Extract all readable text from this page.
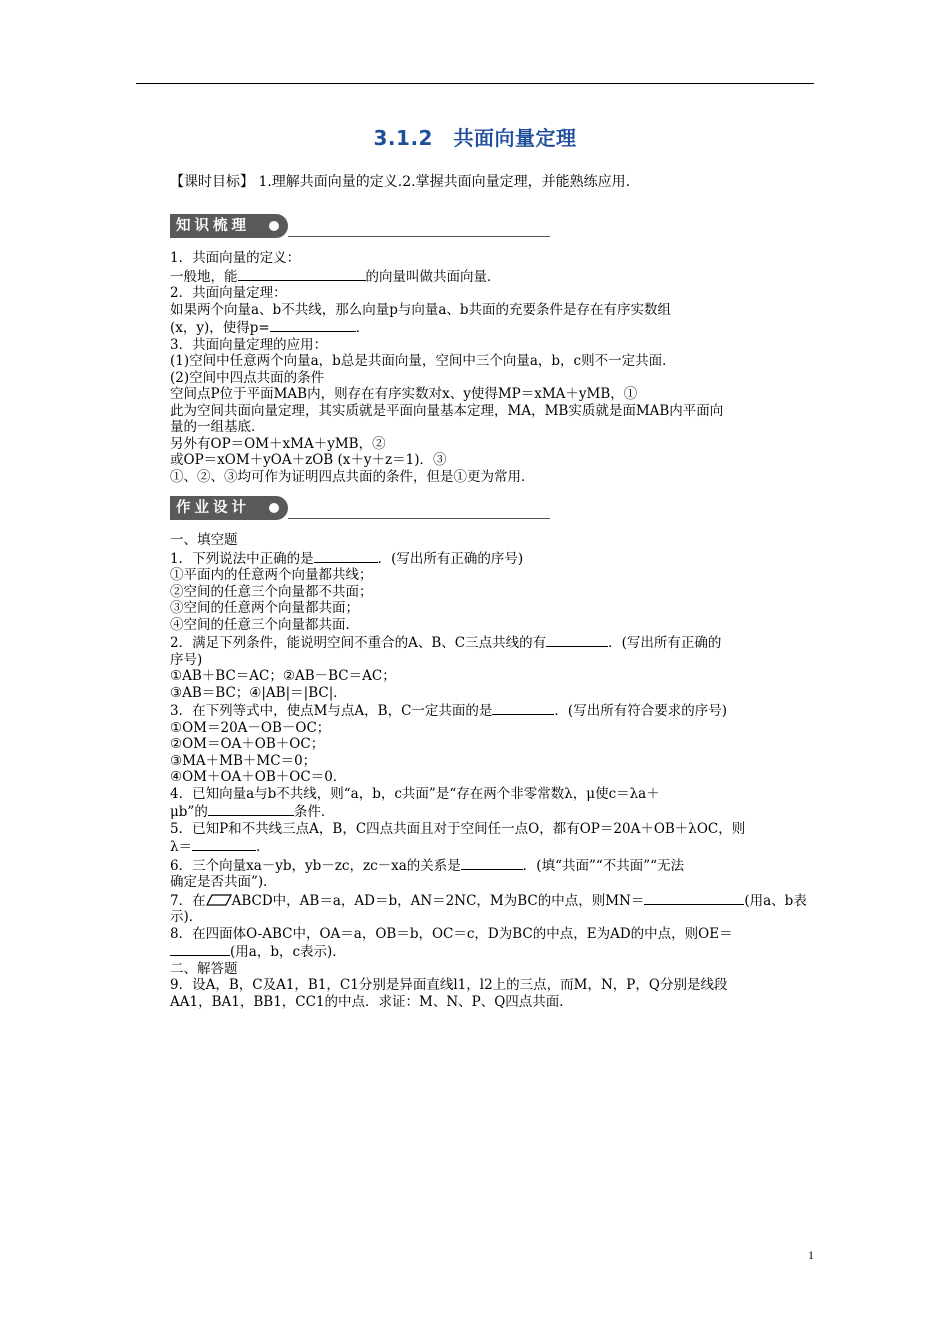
3.1.2　共面向量定理
【课时目标】 1.理解共面向量的定义.2.掌握共面向量定理，并能熟练应用.
知识梳理
1．共面向量的定义：
一般地，能	的向量叫做共面向量．
2．共面向量定理：
如果两个向量a、b不共线，那么向量p与向量a、b共面的充要条件是存在有序实数组
(x，y)，使得p=	．
3．共面向量定理的应用：
(1)空间中任意两个向量a，b总是共面向量，空间中三个向量a，b，c则不一定共面．
(2)空间中四点共面的条件
空间点P位于平面MAB内，则存在有序实数对x、y使得MP＝xMA＋yMB，①
此为空间共面向量定理，其实质就是平面向量基本定理，MA，MB实质就是面MAB内平面向
量的一组基底．
另外有OP＝OM＋xMA＋yMB，②
或OP＝xOM＋yOA＋zOB (x＋y＋z＝1)．③
①、②、③均可作为证明四点共面的条件，但是①更为常用．
作业设计
一、填空题
1．下列说法中正确的是	．(写出所有正确的序号)
①平面内的任意两个向量都共线；
②空间的任意三个向量都不共面；
③空间的任意两个向量都共面；
④空间的任意三个向量都共面．
2．满足下列条件，能说明空间不重合的A、B、C三点共线的有	．(写出所有正确的
序号)
①AB＋BC＝AC；②AB－BC＝AC；
③AB＝BC；④|AB|＝|BC|．
3．在下列等式中，使点M与点A，B，C一定共面的是	．(写出所有符合要求的序号)
①OM＝20A－OB－OC；
②OM＝OA＋OB＋OC；
③MA＋MB＋MC＝0；
④OM＋OA＋OB＋OC＝0．
4．已知向量a与b不共线，则“a，b，c共面”是“存在两个非零常数λ，μ使c＝λa＋
μb”的	条件．
5．已知P和不共线三点A，B，C四点共面且对于空间任一点O，都有OP＝20A＋OB＋λOC，则
λ＝	．
6．三个向量xa－yb，yb－zc，zc－xa的关系是	．(填“共面”“不共面”“无法
确定是否共面”)．
7．在 ABCD中，AB＝a，AD＝b，AN＝2NC，M为BC的中点，则MN＝	(用a、b表
示)．
8．在四面体O-ABC中，OA＝a，OB＝b，OC＝c，D为BC的中点，E为AD的中点，则OE＝
(用a，b，c表示)．
二、解答题
9．设A，B，C及A1，B1，C1分别是异面直线l1，l2上的三点，而M，N，P，Q分别是线段
AA1，BA1，BB1，CC1的中点．求证：M、N、P、Q四点共面．
1
